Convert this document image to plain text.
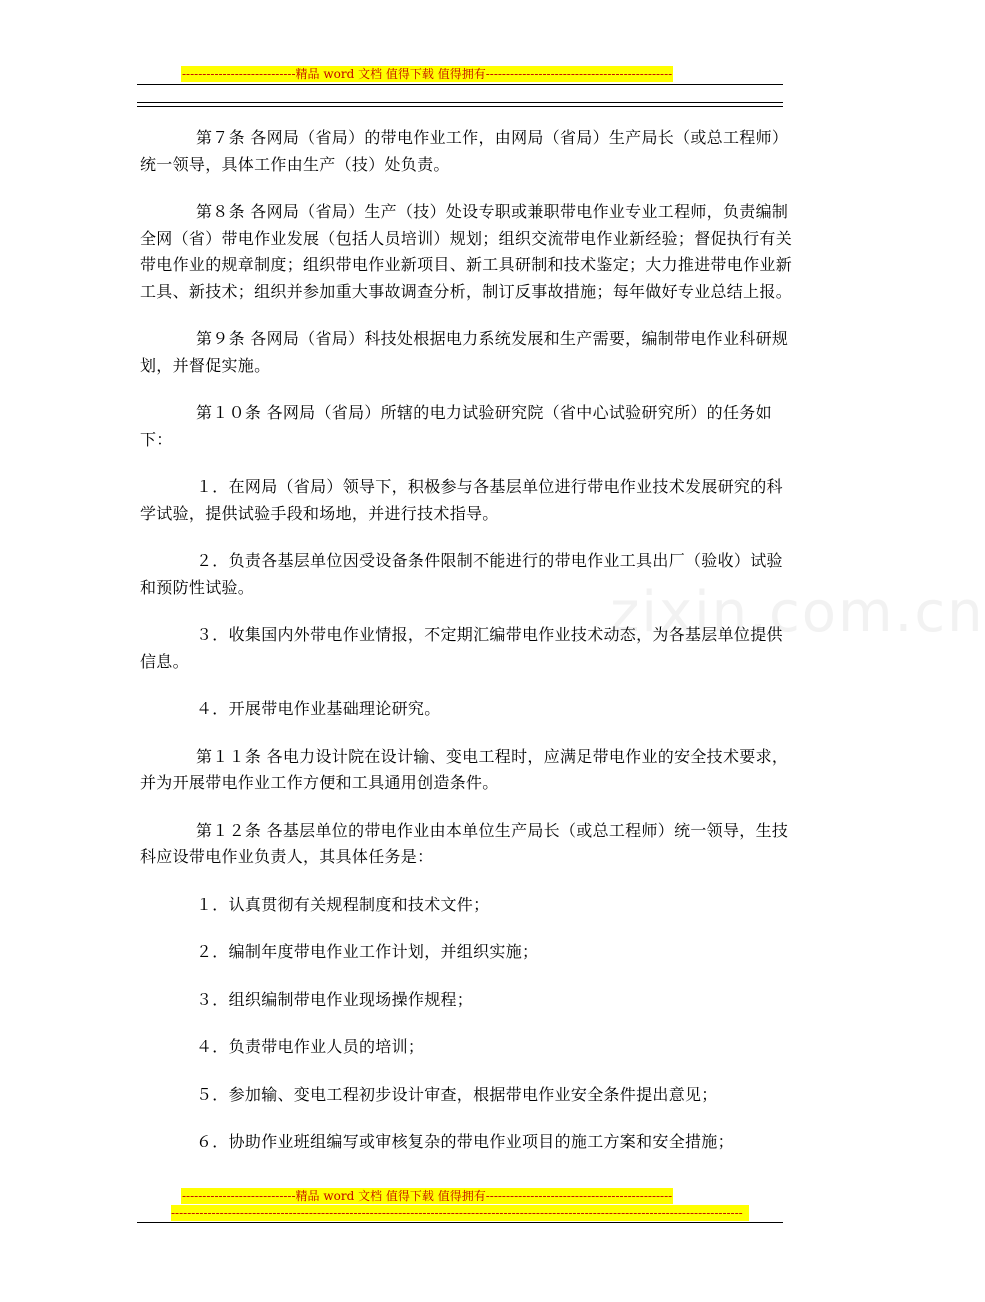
----------------------------精品 word 文档 值得下载 值得拥有----------------------------------------------
zixin.com.cn

第７条 各网局（省局）的带电作业工作，由网局（省局）生产局长（或总工程师）统一领导，具体工作由生产（技）处负责。

第８条 各网局（省局）生产（技）处设专职或兼职带电作业专业工程师，负责编制全网（省）带电作业发展（包括人员培训）规划；组织交流带电作业新经验；督促执行有关带电作业的规章制度；组织带电作业新项目、新工具研制和技术鉴定；大力推进带电作业新工具、新技术；组织并参加重大事故调查分析，制订反事故措施；每年做好专业总结上报。

第９条 各网局（省局）科技处根据电力系统发展和生产需要，编制带电作业科研规划，并督促实施。

第１０条 各网局（省局）所辖的电力试验研究院（省中心试验研究所）的任务如下：

１．在网局（省局）领导下，积极参与各基层单位进行带电作业技术发展研究的科学试验，提供试验手段和场地，并进行技术指导。

２．负责各基层单位因受设备条件限制不能进行的带电作业工具出厂（验收）试验和预防性试验。

３．收集国内外带电作业情报，不定期汇编带电作业技术动态，为各基层单位提供信息。

４．开展带电作业基础理论研究。

第１１条 各电力设计院在设计输、变电工程时，应满足带电作业的安全技术要求，并为开展带电作业工作方便和工具通用创造条件。

第１２条 各基层单位的带电作业由本单位生产局长（或总工程师）统一领导，生技科应设带电作业负责人，其具体任务是：

１．认真贯彻有关规程制度和技术文件；

２．编制年度带电作业工作计划，并组织实施；

３．组织编制带电作业现场操作规程；

４．负责带电作业人员的培训；

５．参加输、变电工程初步设计审查，根据带电作业安全条件提出意见；

６．协助作业班组编写或审核复杂的带电作业项目的施工方案和安全措施；

----------------------------精品 word 文档 值得下载 值得拥有----------------------------------------------
---------------------------------------------------------------------------------------------------------------------------------------------
